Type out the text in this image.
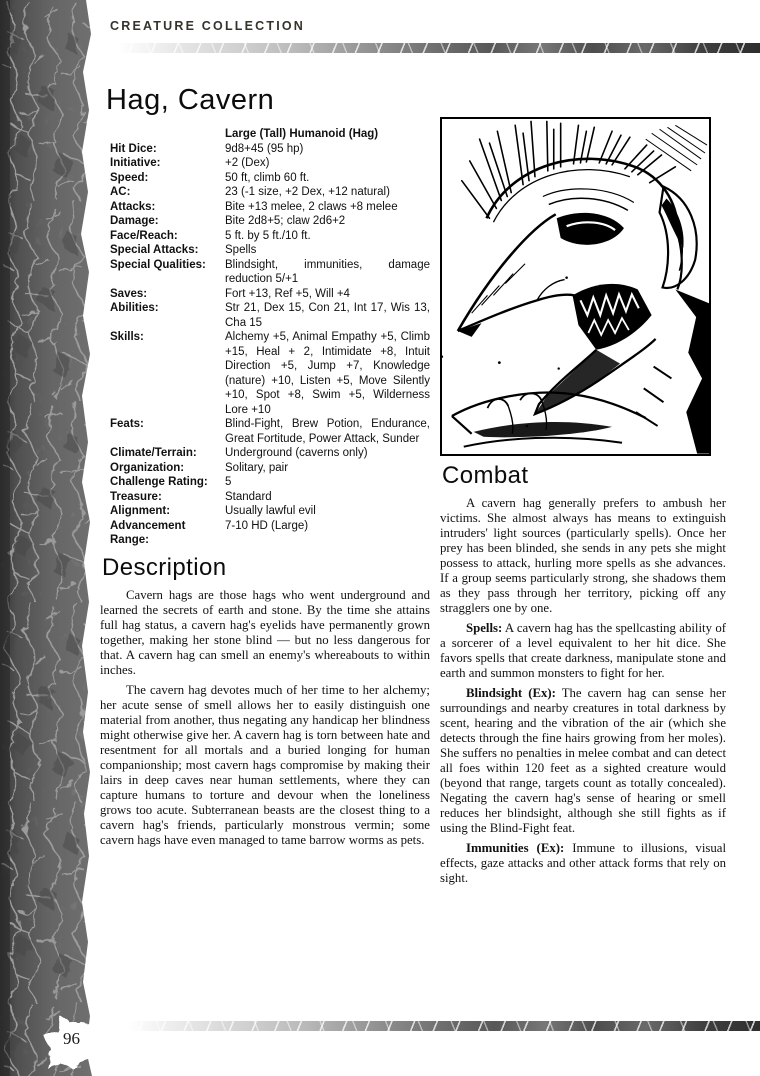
96
CREATURE COLLECTION
Hag, Cavern
Large (Tall) Humanoid (Hag)
Hit Dice:	9d8+45 (95 hp)
Initiative:	+2 (Dex)
Speed:	50 ft, climb 60 ft.
AC:	23 (-1 size, +2 Dex, +12 natural)
Attacks:	Bite +13 melee, 2 claws +8 melee
Damage:	Bite 2d8+5; claw 2d6+2
Face/Reach:	5 ft. by 5 ft./10 ft.
Special Attacks:	Spells
Special Qualities:	Blindsight, immunities, damage reduction 5/+1
Saves:	Fort +13, Ref +5, Will +4
Abilities:	Str 21, Dex 15, Con 21, Int 17, Wis 13, Cha 15
Skills:	Alchemy +5, Animal Empathy +5, Climb +15, Heal + 2, Intimidate +8, Intuit Direction +5, Jump +7, Knowledge (nature) +10, Listen +5, Move Silently +10, Spot +8, Swim +5, Wilderness Lore +10
Feats:	Blind-Fight, Brew Potion, Endurance, Great Fortitude, Power Attack, Sunder
Climate/Terrain:	Underground (caverns only)
Organization:	Solitary, pair
Challenge Rating:	5
Treasure:	Standard
Alignment:	Usually lawful evil
Advancement Range:
7-10 HD (Large)
Description

Cavern hags are those hags who went underground and learned the secrets of earth and stone. By the time she attains full hag status, a cavern hag's eyelids have permanently grown together, making her stone blind — but no less dangerous for that. A cavern hag can smell an enemy's whereabouts to within inches.

The cavern hag devotes much of her time to her alchemy; her acute sense of smell allows her to easily distinguish one material from another, thus negating any handicap her blindness might otherwise give her. A cavern hag is torn between hate and resentment for all mortals and a buried longing for human companionship; most cavern hags compromise by making their lairs in deep caves near human settlements, where they can capture humans to torture and devour when the loneliness grows too acute. Subterranean beasts are the closest thing to a cavern hag's friends, particularly monstrous vermin; some cavern hags have even managed to tame barrow worms as pets.

Combat

A cavern hag generally prefers to ambush her victims. She almost always has means to extinguish intruders' light sources (particularly spells). Once her prey has been blinded, she sends in any pets she might possess to attack, hurling more spells as she advances. If a group seems particularly strong, she shadows them as they pass through her territory, picking off any stragglers one by one.

Spells: A cavern hag has the spellcasting ability of a sorcerer of a level equivalent to her hit dice. She favors spells that create darkness, manipulate stone and earth and summon monsters to fight for her.

Blindsight (Ex): The cavern hag can sense her surroundings and nearby creatures in total darkness by scent, hearing and the vibration of the air (which she detects through the fine hairs growing from her moles). She suffers no penalties in melee combat and can detect all foes within 120 feet as a sighted creature would (beyond that range, targets count as totally concealed). Negating the cavern hag's sense of hearing or smell reduces her blindsight, although she still fights as if using the Blind-Fight feat.

Immunities (Ex): Immune to illusions, visual effects, gaze attacks and other attack forms that rely on sight.
